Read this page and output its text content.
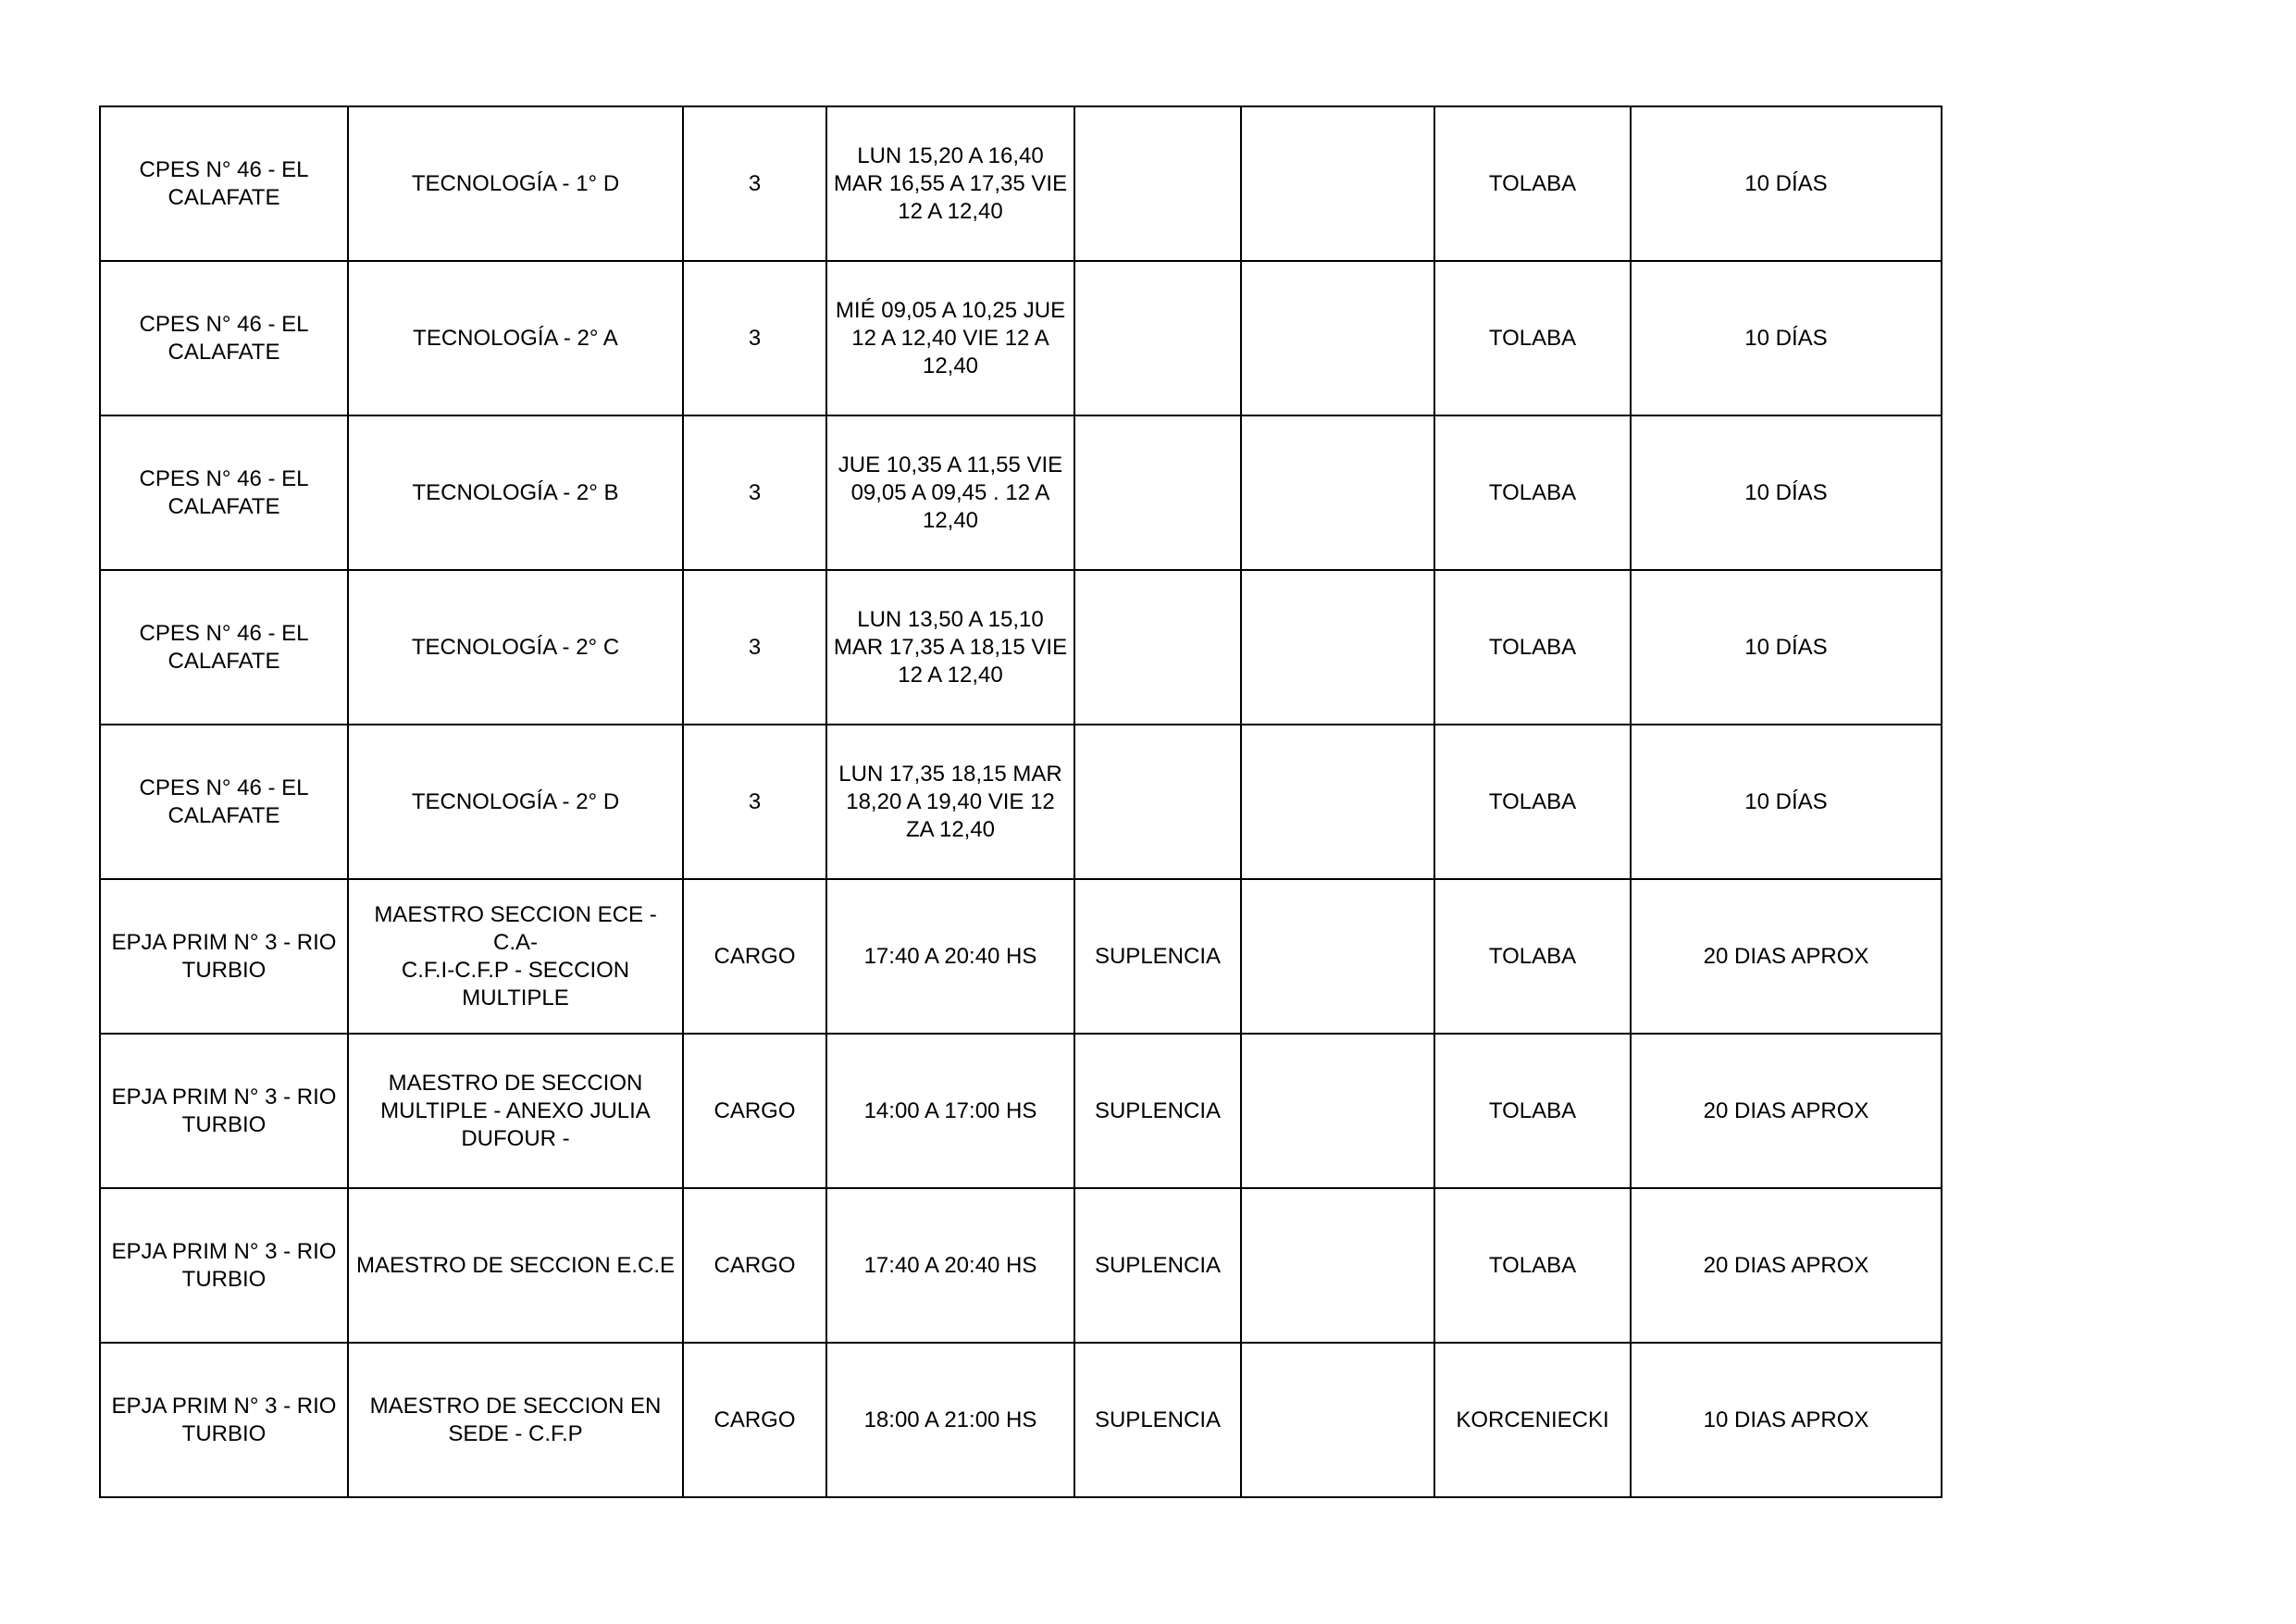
CPES N° 46 - EL
CALAFATE	TECNOLOGÍA - 1° D	3	LUN 15,20 A 16,40
MAR 16,55 A 17,35 VIE
12 A 12,40			TOLABA	10 DÍAS
CPES N° 46 - EL
CALAFATE	TECNOLOGÍA - 2° A	3	MIÉ 09,05 A 10,25 JUE
12 A 12,40 VIE 12 A
12,40			TOLABA	10 DÍAS
CPES N° 46 - EL
CALAFATE	TECNOLOGÍA - 2° B	3	JUE 10,35 A 11,55 VIE
09,05 A 09,45 . 12 A
12,40			TOLABA	10 DÍAS
CPES N° 46 - EL
CALAFATE	TECNOLOGÍA - 2° C	3	LUN 13,50 A 15,10
MAR 17,35 A 18,15 VIE
12 A 12,40			TOLABA	10 DÍAS
CPES N° 46 - EL
CALAFATE	TECNOLOGÍA - 2° D	3	LUN 17,35 18,15 MAR
18,20 A 19,40 VIE 12
ZA 12,40			TOLABA	10 DÍAS
EPJA PRIM N° 3 - RIO
TURBIO	MAESTRO SECCION ECE -C.A-
C.F.I-C.F.P - SECCION
MULTIPLE	CARGO	17:40 A 20:40 HS	SUPLENCIA		TOLABA	20 DIAS APROX
EPJA PRIM N° 3 - RIO
TURBIO	MAESTRO DE SECCION
MULTIPLE - ANEXO JULIA
DUFOUR -	CARGO	14:00 A 17:00 HS	SUPLENCIA		TOLABA	20 DIAS APROX
EPJA PRIM N° 3 - RIO
TURBIO	MAESTRO DE SECCION E.C.E	CARGO	17:40 A 20:40 HS	SUPLENCIA		TOLABA	20 DIAS APROX
EPJA PRIM N° 3 - RIO
TURBIO	MAESTRO DE SECCION EN
SEDE - C.F.P	CARGO	18:00 A 21:00 HS	SUPLENCIA		KORCENIECKI	10 DIAS APROX
